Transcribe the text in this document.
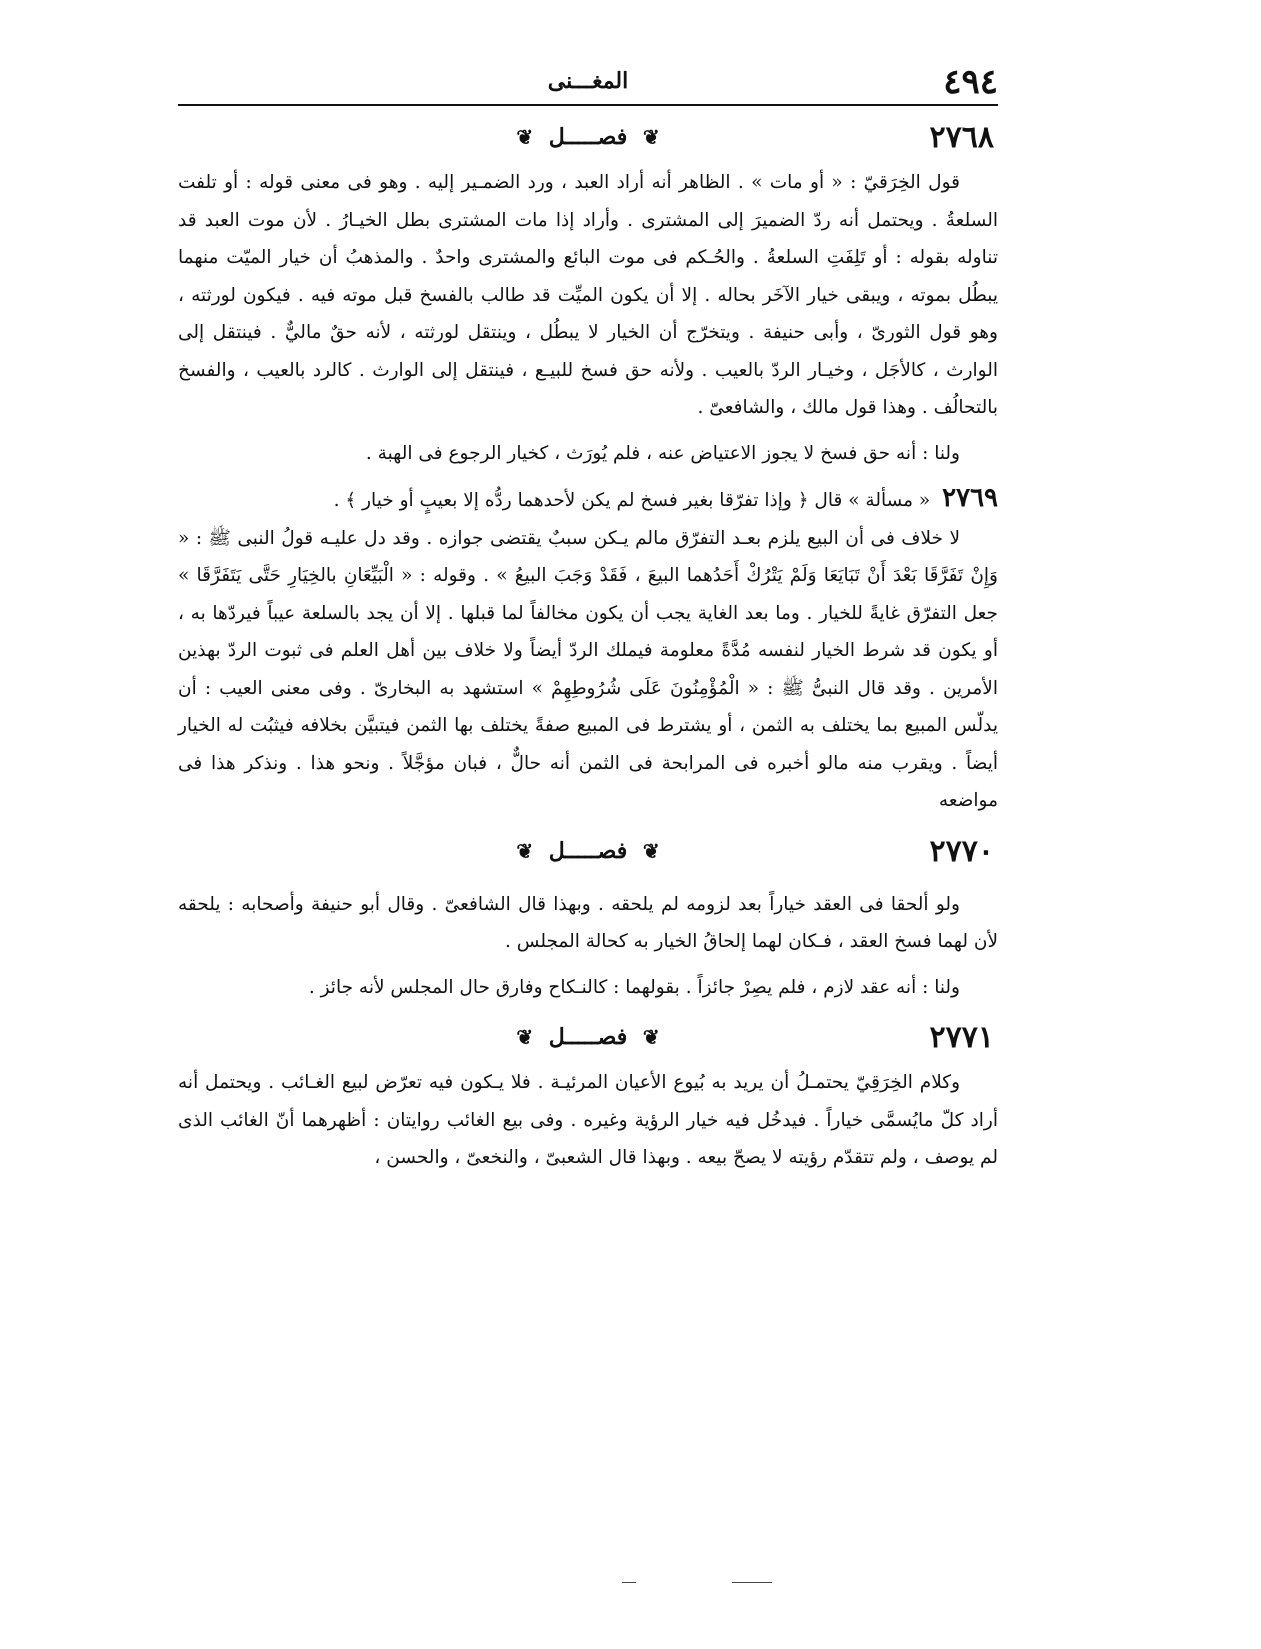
٤٩٤
المغـــنى
٢٧٦٨
❦ فصـــــل ❦

قول الخِرَقيّ : « أو مات » . الظاهر أنه أراد العبد ، ورد الضمـير إليه . وهو فى معنى قوله : أو تلفت السلعةُ . ويحتمل أنه ردّ الضميرَ إلى المشترى . وأراد إذا مات المشترى بطل الخيـارُ . لأن موت العبد قد تناوله بقوله : أو تَلِفَتِ السلعةُ . والحُـكم فى موت البائع والمشترى واحدٌ . والمذهبُ أن خيار الميّت منهما يبطُل بموته ، ويبقى خيار الآخَر بحاله . إلا أن يكون الميِّت قد طالب بالفسخ قبل موته فيه . فيكون لورثته ، وهو قول الثورىّ ، وأبى حنيفة . ويتخرّج أن الخيار لا يبطُل ، وينتقل لورثته ، لأنه حقٌ ماليٌّ . فينتقل إلى الوارث ، كالأجَل ، وخيـار الردّ بالعيب . ولأنه حق فسخ للبيـع ، فينتقل إلى الوارث . كالرد بالعيب ، والفسخ بالتحالُف . وهذا قول مالك ، والشافعىّ .

ولنا : أنه حق فسخ لا يجوز الاعتياض عنه ، فلم يُورَث ، كخيار الرجوع فى الهبة .

٢٧٦٩ « مسألة » قال ﴿ وإذا تفرّقا بغير فسخ لم يكن لأحدهما ردُّه إلا بعيبٍ أو خيار ﴾ .

لا خلاف فى أن البيع يلزم بعـد التفرّق مالم يـكن سببٌ يقتضى جوازه . وقد دل عليـه قولُ النبى ﷺ : « وَإِنْ تَفَرَّقَا بَعْدَ أَنْ تَبَايَعَا وَلَمْ يَتْرُكْ أَحَدُهما البيعَ ، فَقَدْ وَجَبَ البيعُ » . وقوله : « الْبَيِّعَانِ بالخِيَارِ حَتَّى يَتَفَرَّقَا » جعل التفرّق غايةً للخيار . وما بعد الغاية يجب أن يكون مخالفاً لما قبلها . إلا أن يجد بالسلعة عيباً فيردّها به ، أو يكون قد شرط الخيار لنفسه مُدَّةً معلومة فيملك الردّ أيضاً ولا خلاف بين أهل العلم فى ثبوت الردّ بهذين الأمرين . وقد قال النبىُّ ﷺ : « الْمُؤْمِنُونَ عَلَى شُرُوطِهِمْ » استشهد به البخارىّ . وفى معنى العيب : أن يدلّس المبيع بما يختلف به الثمن ، أو يشترط فى المبيع صفةً يختلف بها الثمن فيتبيَّن بخلافه فيثبُت له الخيار أيضاً . ويقرب منه مالو أخبره فى المرابحة فى الثمن أنه حالٌّ ، فبان مؤجَّلاً . ونحو هذا . ونذكر هذا فى مواضعه

٢٧٧٠
❦ فصـــــل ❦

ولو ألحقا فى العقد خياراً بعد لزومه لم يلحقه . وبهذا قال الشافعىّ . وقال أبو حنيفة وأصحابه : يلحقه لأن لهما فسخ العقد ، فـكان لهما إلحاقُ الخيار به كحالة المجلس .

ولنا : أنه عقد لازم ، فلم يصِرْ جائزاً . بقولهما : كالنـكاح وفارق حال المجلس لأنه جائز .

٢٧٧١
❦ فصـــــل ❦

وكلام الخِرَقِيّ يحتمـلُ أن يريد به بُيوع الأعيان المرئيـة . فلا يـكون فيه تعرّض لبيع الغـائب . ويحتمل أنه أراد كلّ مايُسمَّى خياراً . فيدخُل فيه خيار الرؤية وغيره . وفى بيع الغائب روايتان : أظهرهما أنّ الغائب الذى لم يوصف ، ولم تتقدّم رؤيته لا يصحّ بيعه . وبهذا قال الشعبىّ ، والنخعىّ ، والحسن ،
